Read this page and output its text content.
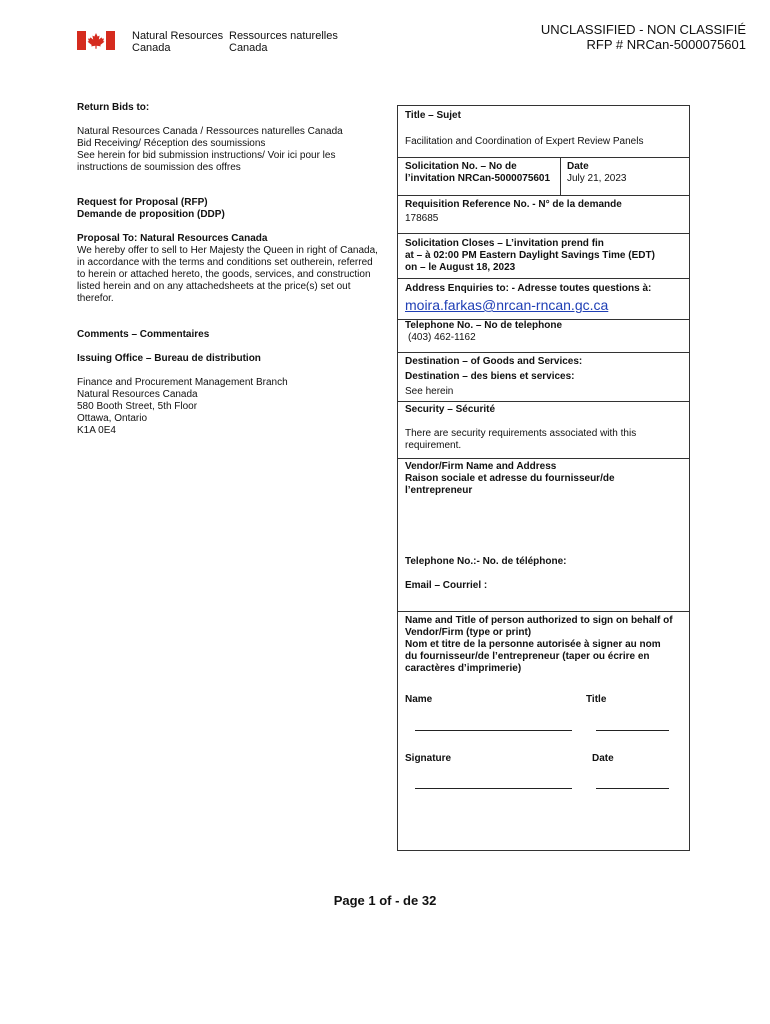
Natural Resources
Canada
Ressources naturelles
Canada
UNCLASSIFIED - NON CLASSIFIÉ
RFP # NRCan-5000075601
Return Bids to:
Natural Resources Canada / Ressources naturelles Canada
Bid Receiving/ Réception des soumissions
See herein for bid submission instructions/ Voir ici pour les
instructions de soumission des offres
Request for Proposal (RFP)
Demande de proposition (DDP)
Proposal To: Natural Resources Canada
We hereby offer to sell to Her Majesty the Queen in right of Canada,
in accordance with the terms and conditions set outherein, referred
to herein or attached hereto, the goods, services, and construction
listed herein and on any attachedsheets at the price(s) set out
therefor.
Comments – Commentaires
Issuing Office – Bureau de distribution
Finance and Procurement Management Branch
Natural Resources Canada
580 Booth Street, 5th Floor
Ottawa, Ontario
K1A 0E4
Title – Sujet
Facilitation and Coordination of Expert Review Panels
Solicitation No. – No de
l’invitation NRCan-5000075601
Date
July 21, 2023
Requisition Reference No. - N° de la demande
178685
Solicitation Closes – L’invitation prend fin
at – à 02:00 PM Eastern Daylight Savings Time (EDT)
on – le August 18, 2023
Address Enquiries to: - Adresse toutes questions à:
moira.farkas@nrcan-rncan.gc.ca
Telephone No. – No de telephone
(403) 462-1162
Destination – of Goods and Services:
Destination – des biens et services:
See herein
Security – Sécurité
There are security requirements associated with this
requirement.
Vendor/Firm Name and Address
Raison sociale et adresse du fournisseur/de
l’entrepreneur
Telephone No.:- No. de téléphone:
Email – Courriel :
Name and Title of person authorized to sign on behalf of
Vendor/Firm (type or print)
Nom et titre de la personne autorisée à signer au nom
du fournisseur/de l’entrepreneur (taper ou écrire en
caractères d’imprimerie)
Name	Title
Signature	Date
Page 1 of - de 32
